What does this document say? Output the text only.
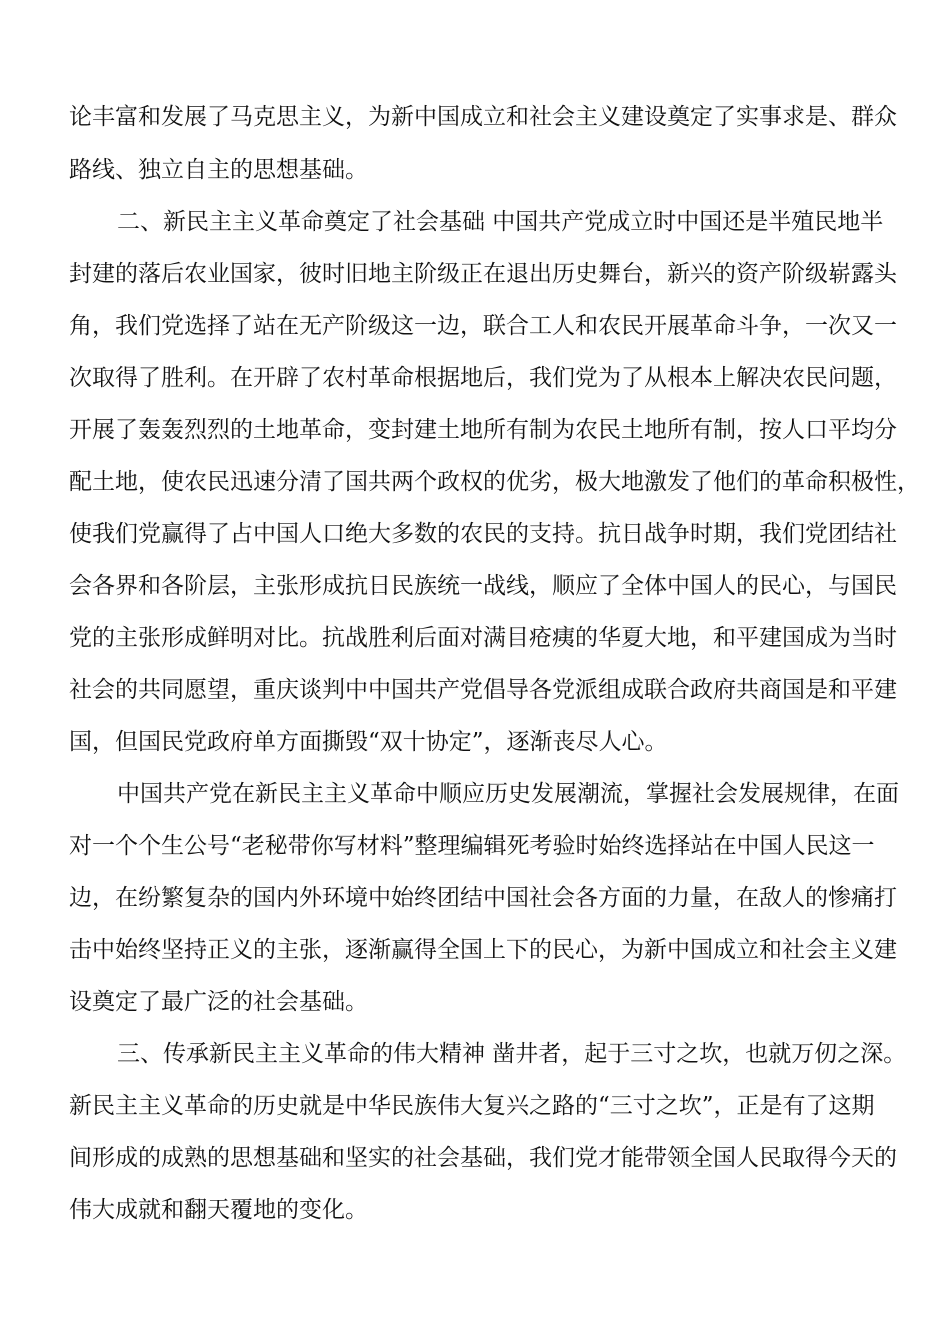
论丰富和发展了马克思主义，为新中国成立和社会主义建设奠定了实事求是、群众
路线、独立自主的思想基础。
二、新民主主义革命奠定了社会基础 中国共产党成立时中国还是半殖民地半
封建的落后农业国家，彼时旧地主阶级正在退出历史舞台，新兴的资产阶级崭露头
角，我们党选择了站在无产阶级这一边，联合工人和农民开展革命斗争，一次又一
次取得了胜利。在开辟了农村革命根据地后，我们党为了从根本上解决农民问题，
开展了轰轰烈烈的土地革命，变封建土地所有制为农民土地所有制，按人口平均分
配土地，使农民迅速分清了国共两个政权的优劣，极大地激发了他们的革命积极性，
使我们党赢得了占中国人口绝大多数的农民的支持。抗日战争时期，我们党团结社
会各界和各阶层，主张形成抗日民族统一战线，顺应了全体中国人的民心，与国民
党的主张形成鲜明对比。抗战胜利后面对满目疮痍的华夏大地，和平建国成为当时
社会的共同愿望，重庆谈判中中国共产党倡导各党派组成联合政府共商国是和平建
国，但国民党政府单方面撕毁“双十协定”，逐渐丧尽人心。
中国共产党在新民主主义革命中顺应历史发展潮流，掌握社会发展规律，在面
对一个个生公号“老秘带你写材料”整理编辑死考验时始终选择站在中国人民这一
边，在纷繁复杂的国内外环境中始终团结中国社会各方面的力量，在敌人的惨痛打
击中始终坚持正义的主张，逐渐赢得全国上下的民心，为新中国成立和社会主义建
设奠定了最广泛的社会基础。
三、传承新民主主义革命的伟大精神 凿井者，起于三寸之坎，也就万仞之深。
新民主主义革命的历史就是中华民族伟大复兴之路的“三寸之坎”，正是有了这期
间形成的成熟的思想基础和坚实的社会基础，我们党才能带领全国人民取得今天的
伟大成就和翻天覆地的变化。
